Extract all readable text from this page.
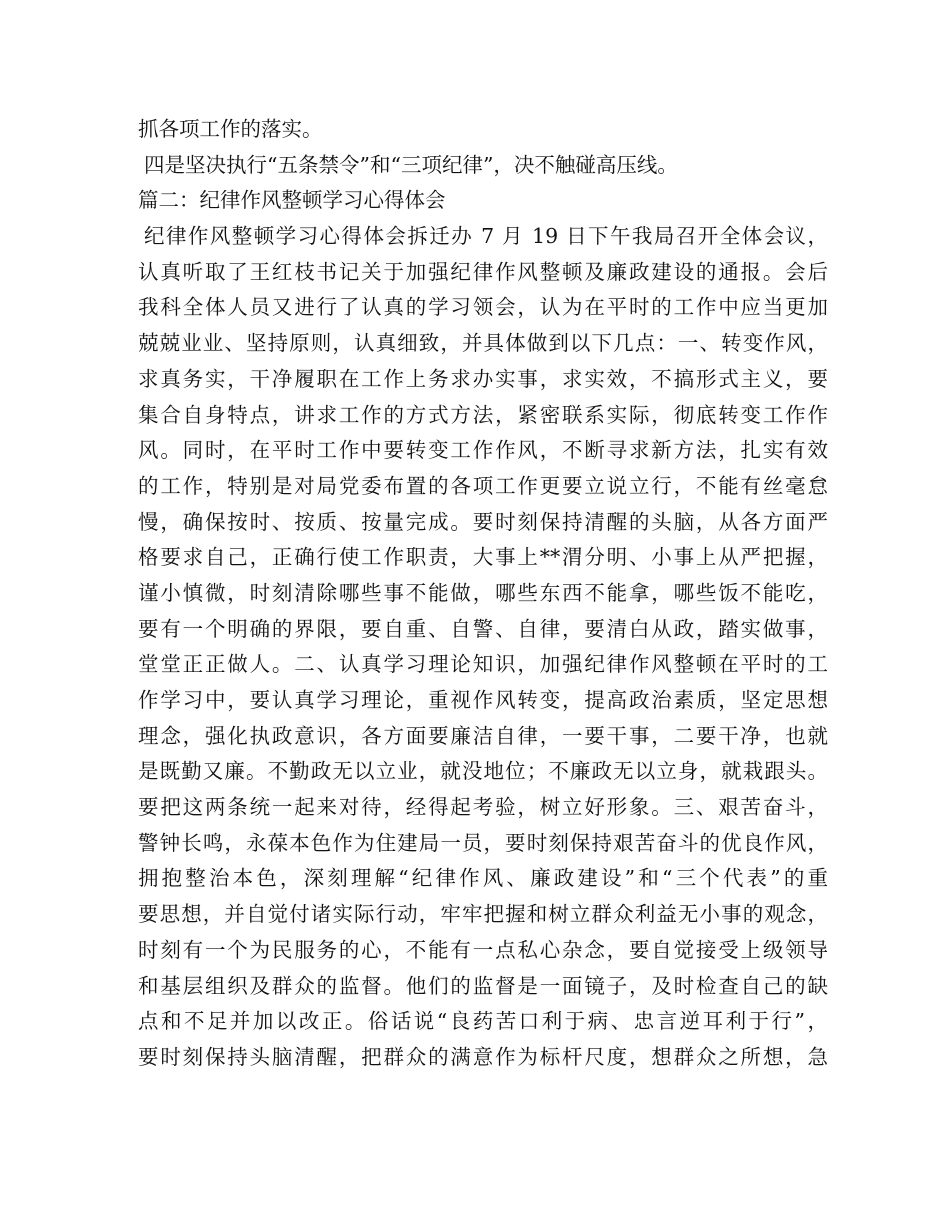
抓各项工作的落实。
四是坚决执行“五条禁令”和“三项纪律”，决不触碰高压线。
篇二：纪律作风整顿学习心得体会
纪律作风整顿学习心得体会拆迁办 7 月 19 日下午我局召开全体会议，
认真听取了王红枝书记关于加强纪律作风整顿及廉政建设的通报。会后
我科全体人员又进行了认真的学习领会，认为在平时的工作中应当更加
兢兢业业、坚持原则，认真细致，并具体做到以下几点：一、转变作风，
求真务实，干净履职在工作上务求办实事，求实效，不搞形式主义，要
集合自身特点，讲求工作的方式方法，紧密联系实际，彻底转变工作作
风。同时，在平时工作中要转变工作作风，不断寻求新方法，扎实有效
的工作，特别是对局党委布置的各项工作更要立说立行，不能有丝毫怠
慢，确保按时、按质、按量完成。要时刻保持清醒的头脑，从各方面严
格要求自己，正确行使工作职责，大事上**渭分明、小事上从严把握，
谨小慎微，时刻清除哪些事不能做，哪些东西不能拿，哪些饭不能吃，
要有一个明确的界限，要自重、自警、自律，要清白从政，踏实做事，
堂堂正正做人。二、认真学习理论知识，加强纪律作风整顿在平时的工
作学习中，要认真学习理论，重视作风转变，提高政治素质，坚定思想
理念，强化执政意识，各方面要廉洁自律，一要干事，二要干净，也就
是既勤又廉。不勤政无以立业，就没地位；不廉政无以立身，就栽跟头。
要把这两条统一起来对待，经得起考验，树立好形象。三、艰苦奋斗，
警钟长鸣，永葆本色作为住建局一员，要时刻保持艰苦奋斗的优良作风，
拥抱整治本色，深刻理解“纪律作风、廉政建设”和“三个代表”的重
要思想，并自觉付诸实际行动，牢牢把握和树立群众利益无小事的观念，
时刻有一个为民服务的心，不能有一点私心杂念，要自觉接受上级领导
和基层组织及群众的监督。他们的监督是一面镜子，及时检查自己的缺
点和不足并加以改正。俗话说“良药苦口利于病、忠言逆耳利于行”，
要时刻保持头脑清醒，把群众的满意作为标杆尺度，想群众之所想，急
